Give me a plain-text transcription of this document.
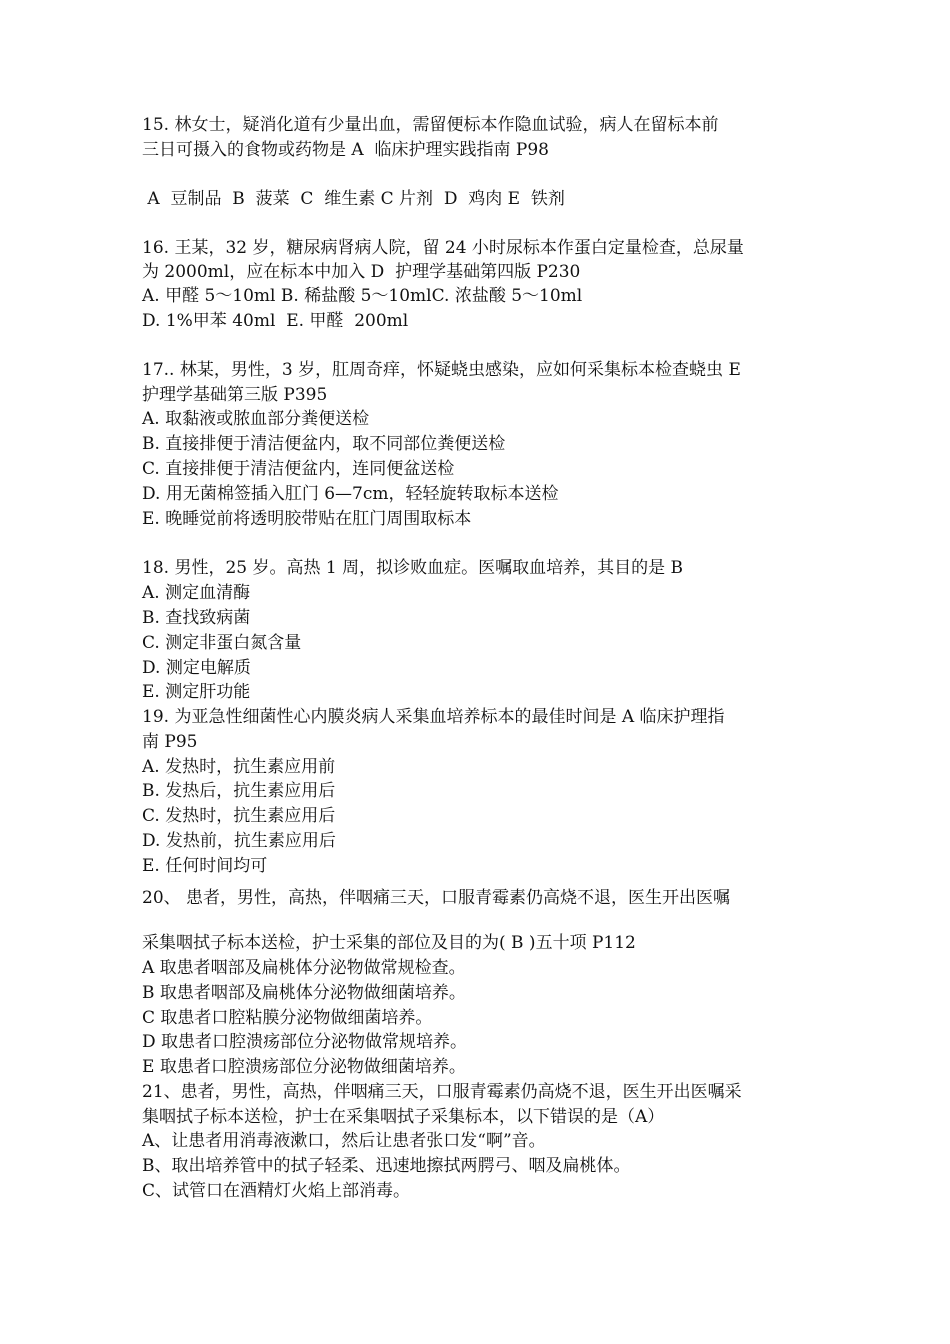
15. 林女士，疑消化道有少量出血，需留便标本作隐血试验，病人在留标本前
三日可摄入的食物或药物是 A  临床护理实践指南 P98
A  豆制品  B  菠菜  C  维生素 C 片剂  D  鸡肉 E  铁剂
16. 王某，32 岁，糖尿病肾病人院，留 24 小时尿标本作蛋白定量检查，总尿量
为 2000ml，应在标本中加入 D  护理学基础第四版 P230
A. 甲醛 5～10ml B. 稀盐酸 5～10mlC. 浓盐酸 5～10ml
D. 1%甲苯 40ml  E. 甲醛  200ml
17.. 林某，男性，3 岁，肛周奇痒，怀疑蛲虫感染，应如何采集标本检查蛲虫 E
护理学基础第三版 P395
A. 取黏液或脓血部分粪便送检
B. 直接排便于清洁便盆内，取不同部位粪便送检
C. 直接排便于清洁便盆内，连同便盆送检
D. 用无菌棉签插入肛门 6—7cm，轻轻旋转取标本送检
E. 晚睡觉前将透明胶带贴在肛门周围取标本
18. 男性，25 岁。高热 1 周，拟诊败血症。医嘱取血培养，其目的是 B
A. 测定血清酶
B. 查找致病菌
C. 测定非蛋白氮含量
D. 测定电解质
E. 测定肝功能
19. 为亚急性细菌性心内膜炎病人采集血培养标本的最佳时间是 A 临床护理指
南 P95
A. 发热时，抗生素应用前
B. 发热后，抗生素应用后
C. 发热时，抗生素应用后
D. 发热前，抗生素应用后
E. 任何时间均可
20、 患者，男性，高热，伴咽痛三天，口服青霉素仍高烧不退，医生开出医嘱
采集咽拭子标本送检，护士采集的部位及目的为( B )五十项 P112
A 取患者咽部及扁桃体分泌物做常规检查。
B 取患者咽部及扁桃体分泌物做细菌培养。
C 取患者口腔粘膜分泌物做细菌培养。
D 取患者口腔溃疡部位分泌物做常规培养。
E 取患者口腔溃疡部位分泌物做细菌培养。
21、患者，男性，高热，伴咽痛三天，口服青霉素仍高烧不退，医生开出医嘱采
集咽拭子标本送检，护士在采集咽拭子采集标本，以下错误的是（A）
A、让患者用消毒液漱口，然后让患者张口发“啊”音。
B、取出培养管中的拭子轻柔、迅速地擦拭两腭弓、咽及扁桃体。
C、试管口在酒精灯火焰上部消毒。
